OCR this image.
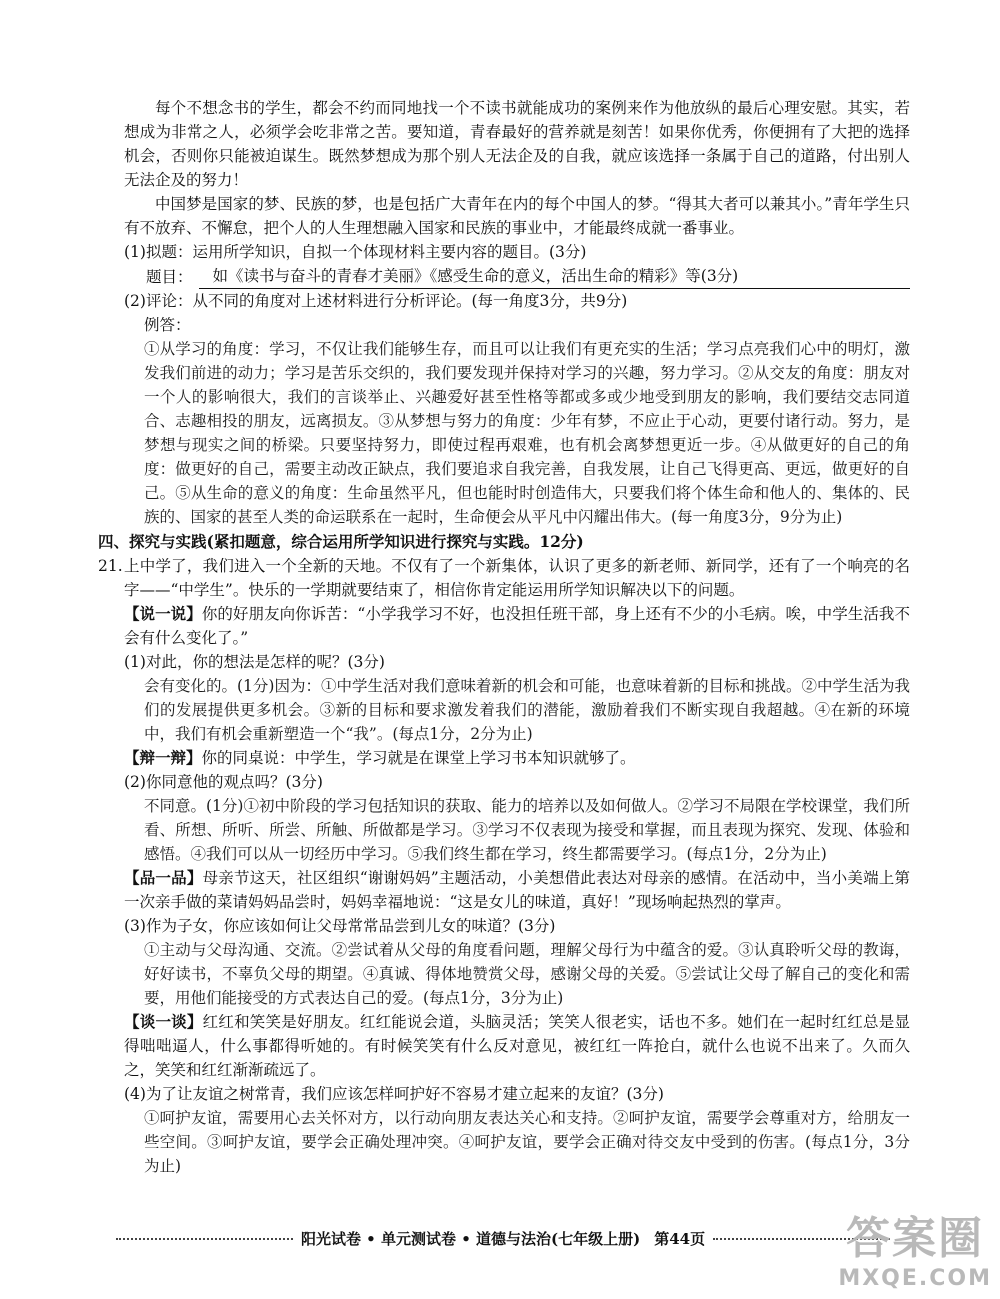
每个不想念书的学生，都会不约而同地找一个不读书就能成功的案例来作为他放纵的最后心理安慰。其实，若想成为非常之人，必须学会吃非常之苦。要知道，青春最好的营养就是刻苦！如果你优秀，你便拥有了大把的选择机会，否则你只能被迫谋生。既然梦想成为那个别人无法企及的自我，就应该选择一条属于自己的道路，付出别人无法企及的努力！

中国梦是国家的梦、民族的梦，也是包括广大青年在内的每个中国人的梦。“得其大者可以兼其小。”青年学生只有不放弃、不懈怠，把个人的人生理想融入国家和民族的事业中，才能最终成就一番事业。

(1)拟题：运用所学知识，自拟一个体现材料主要内容的题目。(3分)

题目：	如《读书与奋斗的青春才美丽》《感受生命的意义，活出生命的精彩》等(3分)

(2)评论：从不同的角度对上述材料进行分析评论。(每一角度3分，共9分)

例答：

①从学习的角度：学习，不仅让我们能够生存，而且可以让我们有更充实的生活；学习点亮我们心中的明灯，激发我们前进的动力；学习是苦乐交织的，我们要发现并保持对学习的兴趣，努力学习。②从交友的角度：朋友对一个人的影响很大，我们的言谈举止、兴趣爱好甚至性格等都或多或少地受到朋友的影响，我们要结交志同道合、志趣相投的朋友，远离损友。③从梦想与努力的角度：少年有梦，不应止于心动，更要付诸行动。努力，是梦想与现实之间的桥梁。只要坚持努力，即使过程再艰难，也有机会离梦想更近一步。④从做更好的自己的角度：做更好的自己，需要主动改正缺点，我们要追求自我完善，自我发展，让自己飞得更高、更远，做更好的自己。⑤从生命的意义的角度：生命虽然平凡，但也能时时创造伟大，只要我们将个体生命和他人的、集体的、民族的、国家的甚至人类的命运联系在一起时，生命便会从平凡中闪耀出伟大。(每一角度3分，9分为止)

四、探究与实践(紧扣题意，综合运用所学知识进行探究与实践。12分)

21. 上中学了，我们进入一个全新的天地。不仅有了一个新集体，认识了更多的新老师、新同学，还有了一个响亮的名字——“中学生”。快乐的一学期就要结束了，相信你肯定能运用所学知识解决以下的问题。

【说一说】你的好朋友向你诉苦：“小学我学习不好，也没担任班干部，身上还有不少的小毛病。唉，中学生活我不会有什么变化了。”

(1)对此，你的想法是怎样的呢？(3分)

会有变化的。(1分)因为：①中学生活对我们意味着新的机会和可能，也意味着新的目标和挑战。②中学生活为我们的发展提供更多机会。③新的目标和要求激发着我们的潜能，激励着我们不断实现自我超越。④在新的环境中，我们有机会重新塑造一个“我”。(每点1分，2分为止)

【辩一辩】你的同桌说：中学生，学习就是在课堂上学习书本知识就够了。

(2)你同意他的观点吗？(3分)

不同意。(1分)①初中阶段的学习包括知识的获取、能力的培养以及如何做人。②学习不局限在学校课堂，我们所看、所想、所听、所尝、所触、所做都是学习。③学习不仅表现为接受和掌握，而且表现为探究、发现、体验和感悟。④我们可以从一切经历中学习。⑤我们终生都在学习，终生都需要学习。(每点1分，2分为止)

【品一品】母亲节这天，社区组织“谢谢妈妈”主题活动，小美想借此表达对母亲的感情。在活动中，当小美端上第一次亲手做的菜请妈妈品尝时，妈妈幸福地说：“这是女儿的味道，真好！”现场响起热烈的掌声。

(3)作为子女，你应该如何让父母常常品尝到儿女的味道？(3分)

①主动与父母沟通、交流。②尝试着从父母的角度看问题，理解父母行为中蕴含的爱。③认真聆听父母的教诲，好好读书，不辜负父母的期望。④真诚、得体地赞赏父母，感谢父母的关爱。⑤尝试让父母了解自己的变化和需要，用他们能接受的方式表达自己的爱。(每点1分，3分为止)

【谈一谈】红红和笑笑是好朋友。红红能说会道，头脑灵活；笑笑人很老实，话也不多。她们在一起时红红总是显得咄咄逼人，什么事都得听她的。有时候笑笑有什么反对意见，被红红一阵抢白，就什么也说不出来了。久而久之，笑笑和红红渐渐疏远了。

(4)为了让友谊之树常青，我们应该怎样呵护好不容易才建立起来的友谊？(3分)

①呵护友谊，需要用心去关怀对方，以行动向朋友表达关心和支持。②呵护友谊，需要学会尊重对方，给朋友一些空间。③呵护友谊，要学会正确处理冲突。④呵护友谊，要学会正确对待交友中受到的伤害。(每点1分，3分为止)

阳光试卷 • 单元测试卷 • 道德与法治(七年级上册) 第44页	答案圈
MXQE.COM
